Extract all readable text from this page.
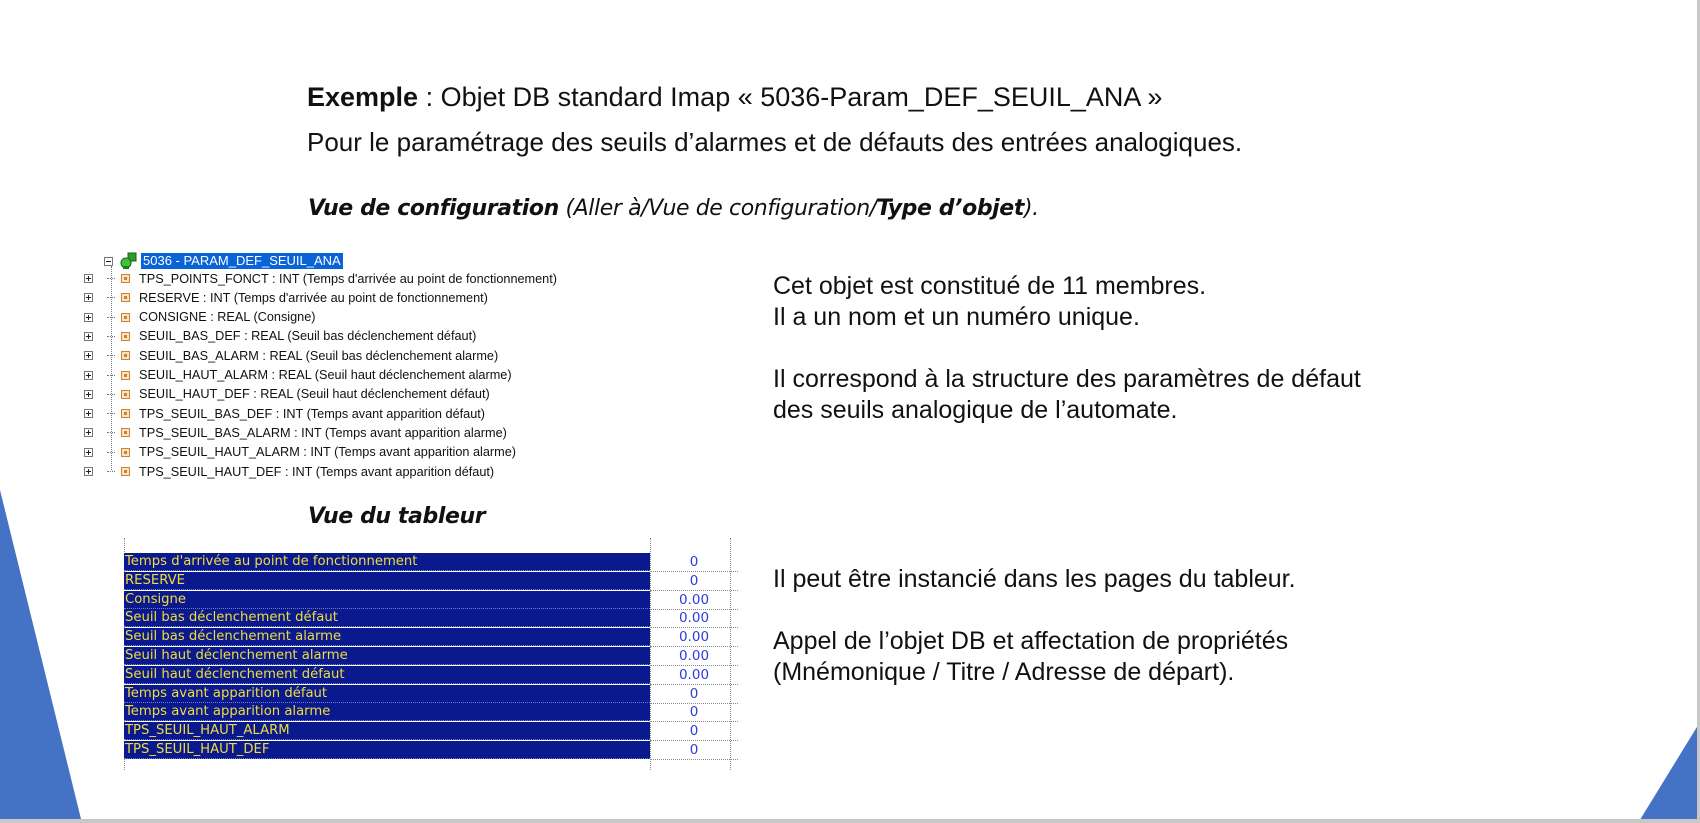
Exemple : Objet DB standard Imap « 5036-Param_DEF_SEUIL_ANA »
Pour le paramétrage des seuils d’alarmes et de défauts des entrées analogiques.
Vue de configuration (Aller à/Vue de configuration/Type d’objet).
5036 - PARAM_DEF_SEUIL_ANA
TPS_POINTS_FONCT : INT (Temps d'arrivée au point de fonctionnement)
RESERVE : INT (Temps d'arrivée au point de fonctionnement)
CONSIGNE : REAL (Consigne)
SEUIL_BAS_DEF : REAL (Seuil bas déclenchement défaut)
SEUIL_BAS_ALARM : REAL (Seuil bas déclenchement alarme)
SEUIL_HAUT_ALARM : REAL (Seuil haut déclenchement alarme)
SEUIL_HAUT_DEF : REAL (Seuil haut déclenchement défaut)
TPS_SEUIL_BAS_DEF : INT (Temps avant apparition défaut)
TPS_SEUIL_BAS_ALARM : INT (Temps avant apparition alarme)
TPS_SEUIL_HAUT_ALARM : INT (Temps avant apparition alarme)
TPS_SEUIL_HAUT_DEF : INT (Temps avant apparition défaut)
Cet objet est constitué de 11 membres.
Il a un nom et un numéro unique.
Il correspond à la structure des paramètres de défaut
des seuils analogique de l’automate.
Vue du tableur
Temps d'arrivée au point de fonctionnement	0
RESERVE	0
Consigne	0.00
Seuil bas déclenchement défaut	0.00
Seuil bas déclenchement alarme	0.00
Seuil haut déclenchement alarme	0.00
Seuil haut déclenchement défaut	0.00
Temps avant apparition défaut	0
Temps avant apparition alarme	0
TPS_SEUIL_HAUT_ALARM	0
TPS_SEUIL_HAUT_DEF	0
Il peut être instancié dans les pages du tableur.
Appel de l’objet DB et affectation de propriétés
(Mnémonique / Titre / Adresse de départ).
